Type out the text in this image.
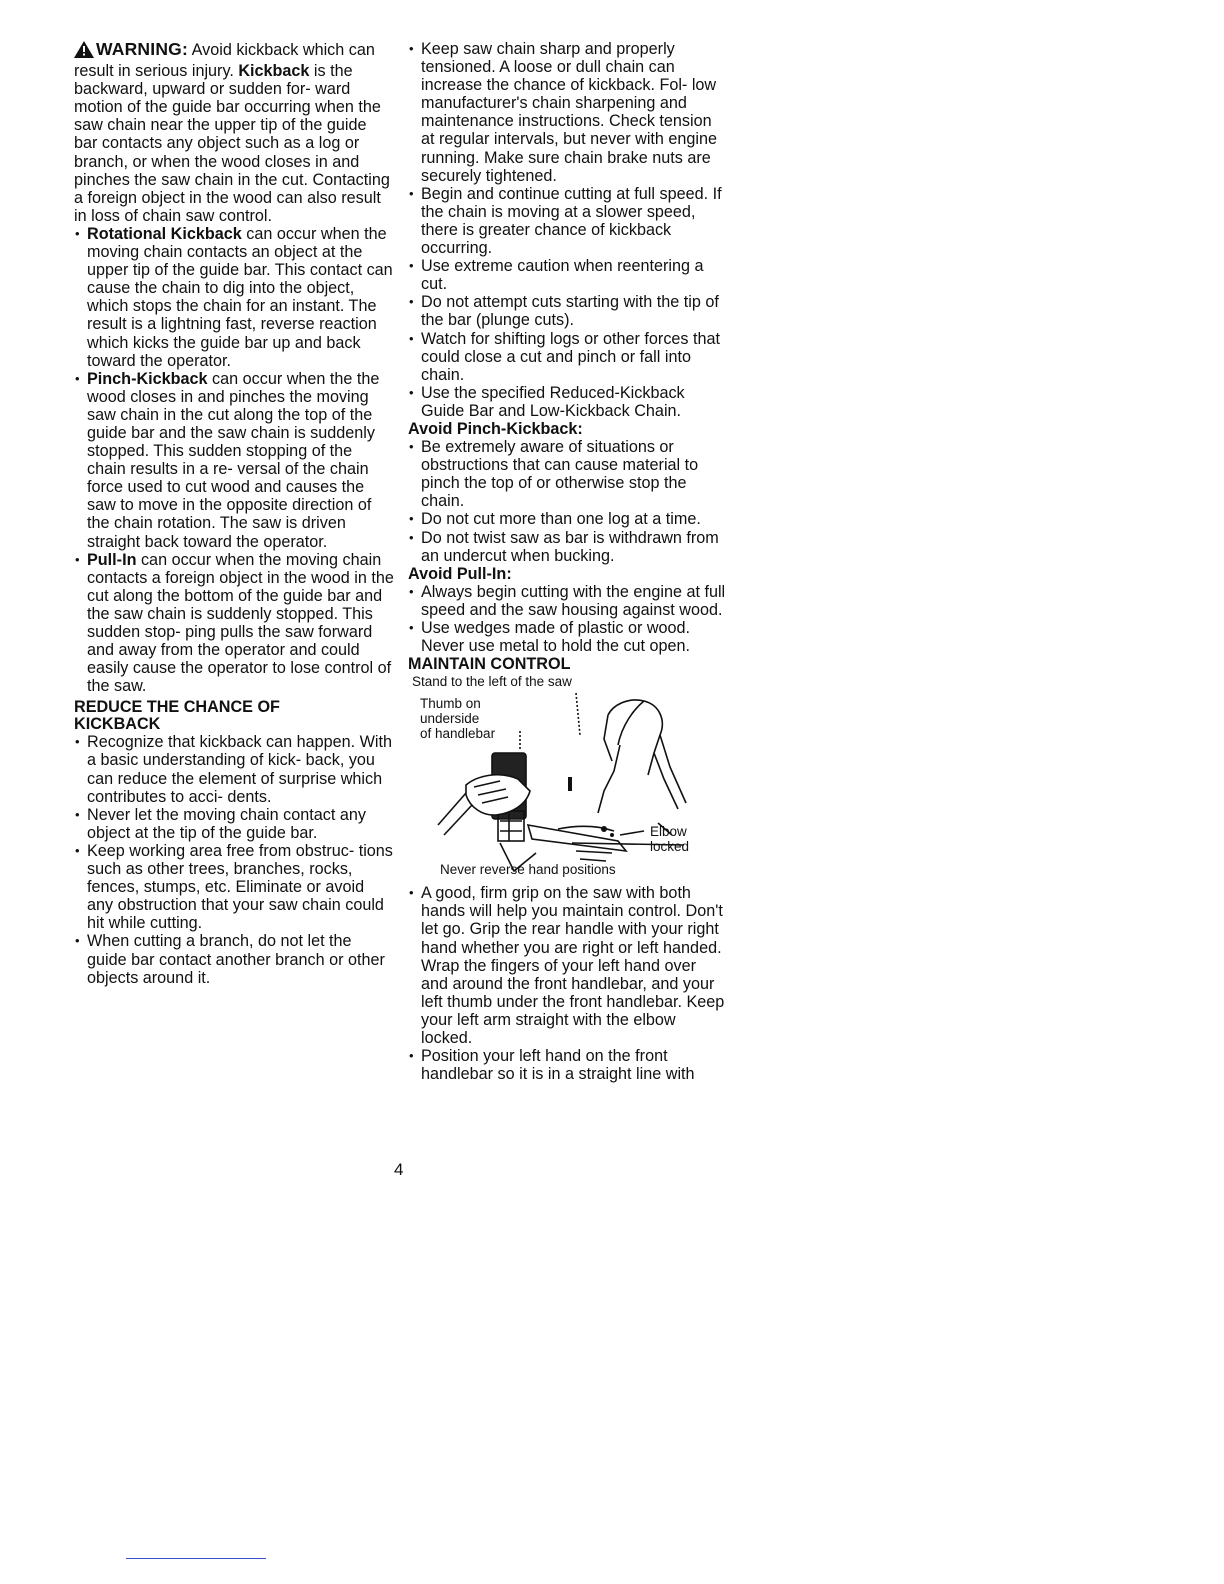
WARNING: Avoid kickback which can result in serious injury. Kickback is the backward, upward or sudden for- ward motion of the guide bar occurring when the saw chain near the upper tip of the guide bar contacts any object such as a log or branch, or when the wood closes in and pinches the saw chain in the cut. Contacting a foreign object in the wood can also result in loss of chain saw control.

• Rotational Kickback can occur when the moving chain contacts an object at the upper tip of the guide bar. This contact can cause the chain to dig into the object, which stops the chain for an instant. The result is a lightning fast, reverse reaction which kicks the guide bar up and back toward the operator.
• Pinch-Kickback can occur when the the wood closes in and pinches the moving saw chain in the cut along the top of the guide bar and the saw chain is suddenly stopped. This sudden stopping of the chain results in a re- versal of the chain force used to cut wood and causes the saw to move in the opposite direction of the chain rotation. The saw is driven straight back toward the operator.
• Pull-In can occur when the moving chain contacts a foreign object in the wood in the cut along the bottom of the guide bar and the saw chain is suddenly stopped. This sudden stop- ping pulls the saw forward and away from the operator and could easily cause the operator to lose control of the saw.
REDUCE THE CHANCE OF KICKBACK
• Recognize that kickback can happen. With a basic understanding of kick- back, you can reduce the element of surprise which contributes to acci- dents.
• Never let the moving chain contact any object at the tip of the guide bar.
• Keep working area free from obstruc- tions such as other trees, branches, rocks, fences, stumps, etc. Eliminate or avoid any obstruction that your saw chain could hit while cutting.
• When cutting a branch, do not let the guide bar contact another branch or other objects around it.
• Keep saw chain sharp and properly tensioned. A loose or dull chain can increase the chance of kickback. Fol- low manufacturer's chain sharpening and maintenance instructions. Check tension at regular intervals, but never with engine running. Make sure chain brake nuts are securely tightened.
• Begin and continue cutting at full speed. If the chain is moving at a slower speed, there is greater chance of kickback occurring.
• Use extreme caution when reentering a cut.
• Do not attempt cuts starting with the tip of the bar (plunge cuts).
• Watch for shifting logs or other forces that could close a cut and pinch or fall into chain.
• Use the specified Reduced-Kickback Guide Bar and Low-Kickback Chain.
Avoid Pinch-Kickback:
• Be extremely aware of situations or obstructions that can cause material to pinch the top of or otherwise stop the chain.
• Do not cut more than one log at a time.
• Do not twist saw as bar is withdrawn from an undercut when bucking.
Avoid Pull-In:
• Always begin cutting with the engine at full speed and the saw housing against wood.
• Use wedges made of plastic or wood. Never use metal to hold the cut open.
MAINTAIN CONTROL
Stand to the left of the saw
Thumb on
underside
of handlebar
Elbow
locked
Never reverse hand positions
• A good, firm grip on the saw with both hands will help you maintain control. Don't let go. Grip the rear handle with your right hand whether you are right or left handed. Wrap the fingers of your left hand over and around the front handlebar, and your left thumb under the front handlebar. Keep your left arm straight with the elbow locked.
• Position your left hand on the front handlebar so it is in a straight line with
4
